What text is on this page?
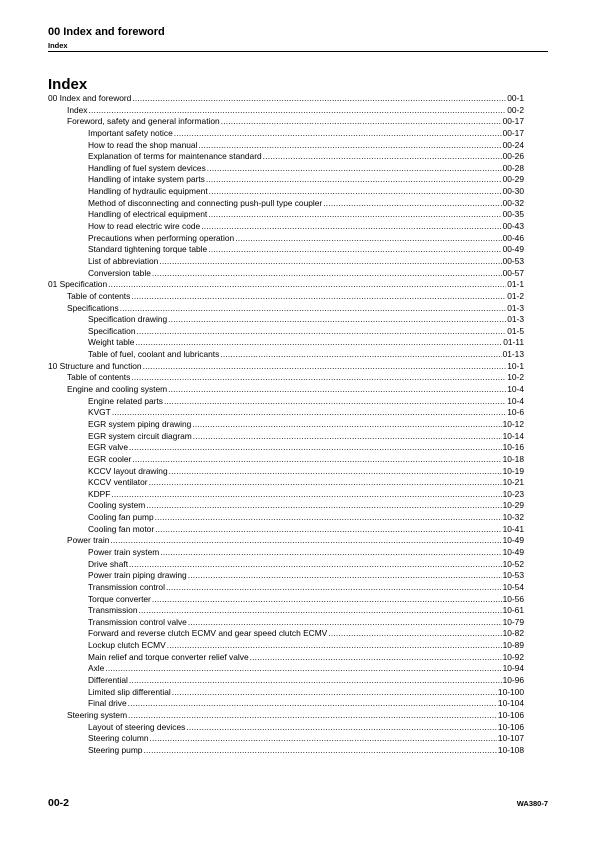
00 Index and foreword
Index
Index
00 Index and foreword .....	00-1
Index .....	00-2
Foreword, safety and general information .....	00-17
Important safety notice .....	00-17
How to read the shop manual .....	00-24
Explanation of terms for maintenance standard .....	00-26
Handling of fuel system devices .....	00-28
Handling of intake system parts .....	00-29
Handling of hydraulic equipment .....	00-30
Method of disconnecting and connecting push-pull type coupler .....	00-32
Handling of electrical equipment .....	00-35
How to read electric wire code .....	00-43
Precautions when performing operation .....	00-46
Standard tightening torque table .....	00-49
List of abbreviation .....	00-53
Conversion table .....	00-57
01 Specification .....	01-1
Table of contents .....	01-2
Specifications .....	01-3
Specification drawing .....	01-3
Specification .....	01-5
Weight table .....	01-11
Table of fuel, coolant and lubricants .....	01-13
10 Structure and function .....	10-1
Table of contents .....	10-2
Engine and cooling system .....	10-4
Engine related parts .....	10-4
KVGT .....	10-6
EGR system piping drawing .....	10-12
EGR system circuit diagram .....	10-14
EGR valve .....	10-16
EGR cooler .....	10-18
KCCV layout drawing .....	10-19
KCCV ventilator .....	10-21
KDPF .....	10-23
Cooling system .....	10-29
Cooling fan pump .....	10-32
Cooling fan motor .....	10-41
Power train .....	10-49
Power train system .....	10-49
Drive shaft .....	10-52
Power train piping drawing .....	10-53
Transmission control .....	10-54
Torque converter .....	10-56
Transmission .....	10-61
Transmission control valve .....	10-79
Forward and reverse clutch ECMV and gear speed clutch ECMV .....	10-82
Lockup clutch ECMV .....	10-89
Main relief and torque converter relief valve .....	10-92
Axle .....	10-94
Differential .....	10-96
Limited slip differential .....	10-100
Final drive .....	10-104
Steering system .....	10-106
Layout of steering devices .....	10-106
Steering column .....	10-107
Steering pump .....	10-108
00-2	WA380-7
